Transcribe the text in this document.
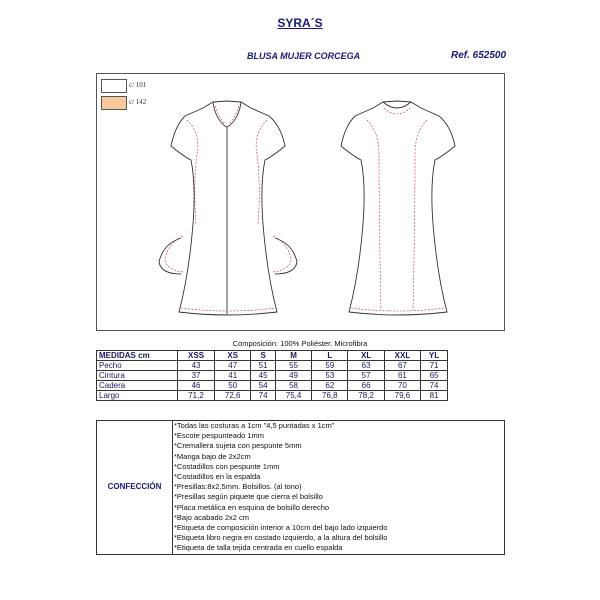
SYRA´S
BLUSA MUJER CORCEGA	Ref. 652500
c/ 101
c/ 142
Composición: 100% Poliéster. Microfibra
MEDIDAS cm	XSS	XS	S	M	L	XL	XXL	YL
Pecho	43	47	51	55	59	63	67	71
Cintura	37	41	45	49	53	57	61	65
Cadera	46	50	54	58	62	66	70	74
Largo	71,2	72,6	74	75,4	76,8	78,2	79,6	81
CONFECCIÓN
*Todas las costuras a 1cm "4,5 puntadas x 1cm"
*Escote pespunteado 1mm
*Cremallera sujeta con pespunte 5mm
*Manga bajo de 2x2cm
*Costadillos con pespunte 1mm
*Costadillos en la espalda
*Presillas:8x2,5mm. Bolsillos. (al tono)
*Presillas según piquete que cierra el bolsillo
*Placa metálica en esquina de bolsillo derecho
*Bajo acabado 2x2 cm
*Etiqueta de composición interior a 10cm del bajo lado izquierdo
*Etiqueta libro negra en costado izquierdo, a la altura del bolsillo
*Etiqueta de talla tejida centrada en cuello espalda
